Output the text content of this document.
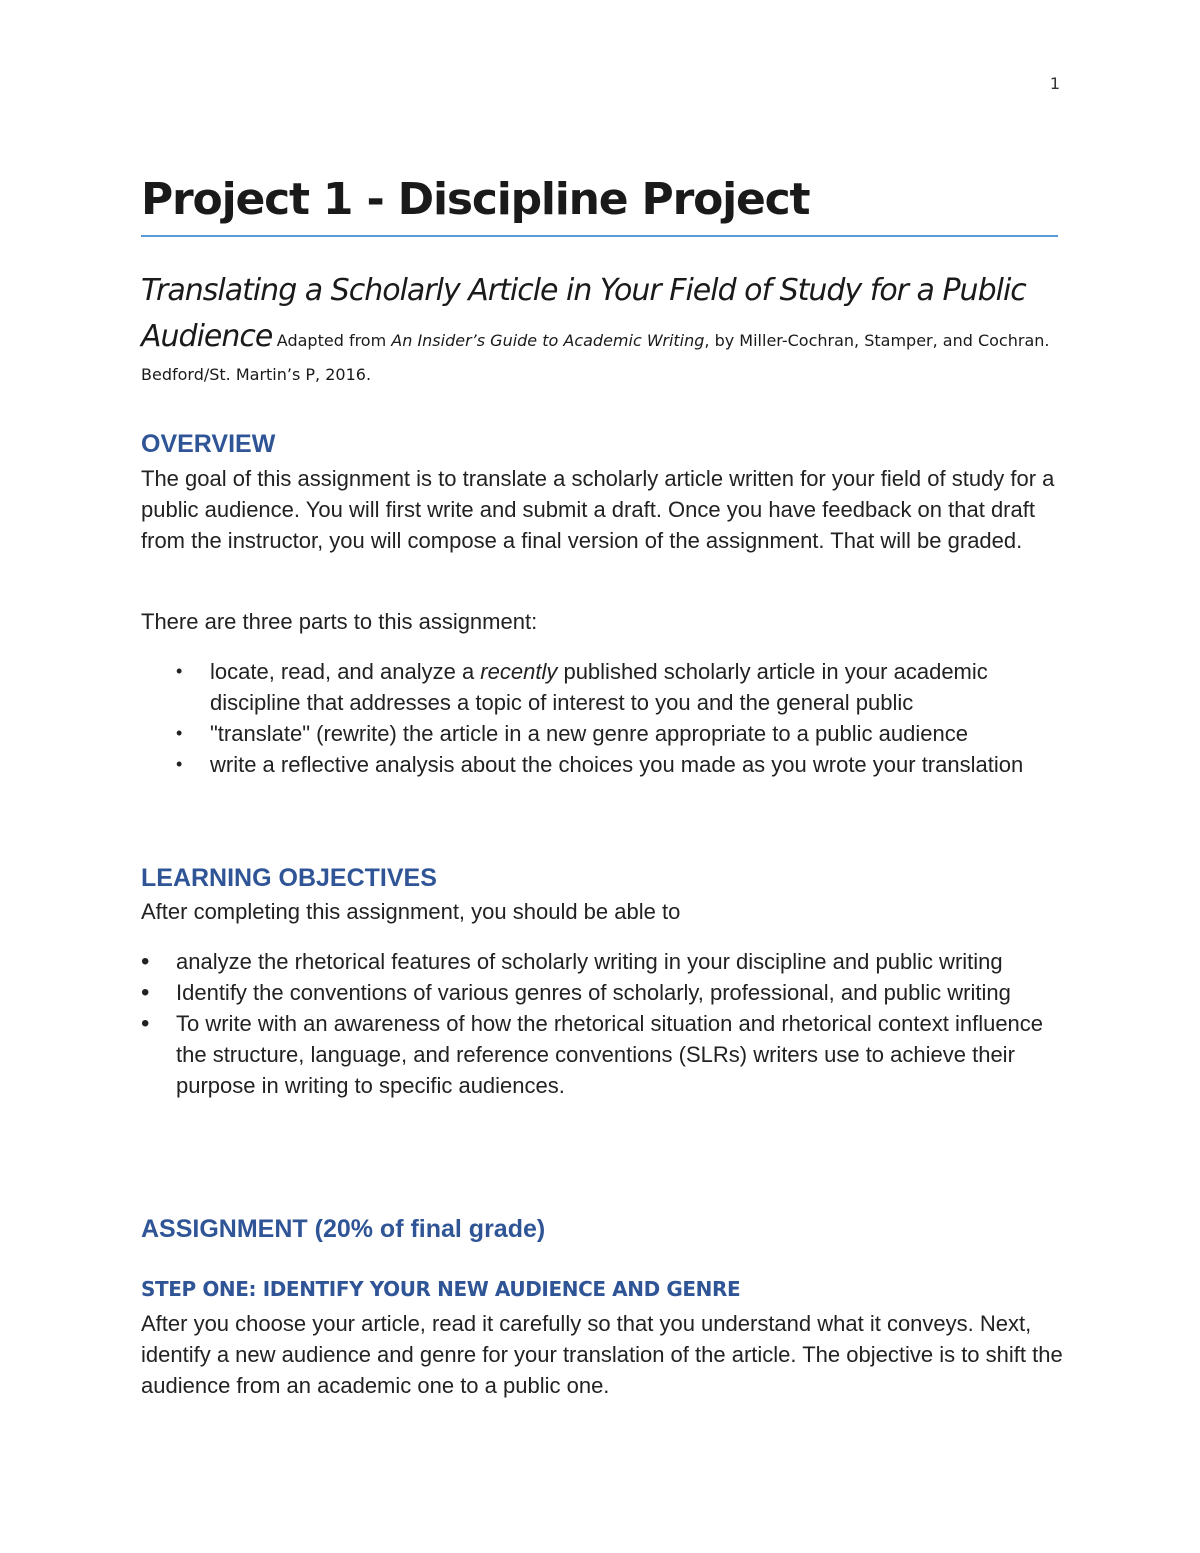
1
Project 1 - Discipline Project
Translating a Scholarly Article in Your Field of Study for a Public Audience Adapted from An Insider’s Guide to Academic Writing, by Miller-Cochran, Stamper, and Cochran. Bedford/St. Martin’s P, 2016.
OVERVIEW

The goal of this assignment is to translate a scholarly article written for your field of study for a public audience. You will first write and submit a draft. Once you have feedback on that draft from the instructor, you will compose a final version of the assignment. That will be graded.

There are three parts to this assignment:

• locate, read, and analyze a recently published scholarly article in your academic discipline that addresses a topic of interest to you and the general public
• "translate" (rewrite) the article in a new genre appropriate to a public audience
• write a reflective analysis about the choices you made as you wrote your translation
LEARNING OBJECTIVES

After completing this assignment, you should be able to

• analyze the rhetorical features of scholarly writing in your discipline and public writing
• Identify the conventions of various genres of scholarly, professional, and public writing
• To write with an awareness of how the rhetorical situation and rhetorical context influence the structure, language, and reference conventions (SLRs) writers use to achieve their purpose in writing to specific audiences.
ASSIGNMENT (20% of final grade)
STEP ONE: IDENTIFY YOUR NEW AUDIENCE AND GENRE

After you choose your article, read it carefully so that you understand what it conveys. Next, identify a new audience and genre for your translation of the article. The objective is to shift the audience from an academic one to a public one.
